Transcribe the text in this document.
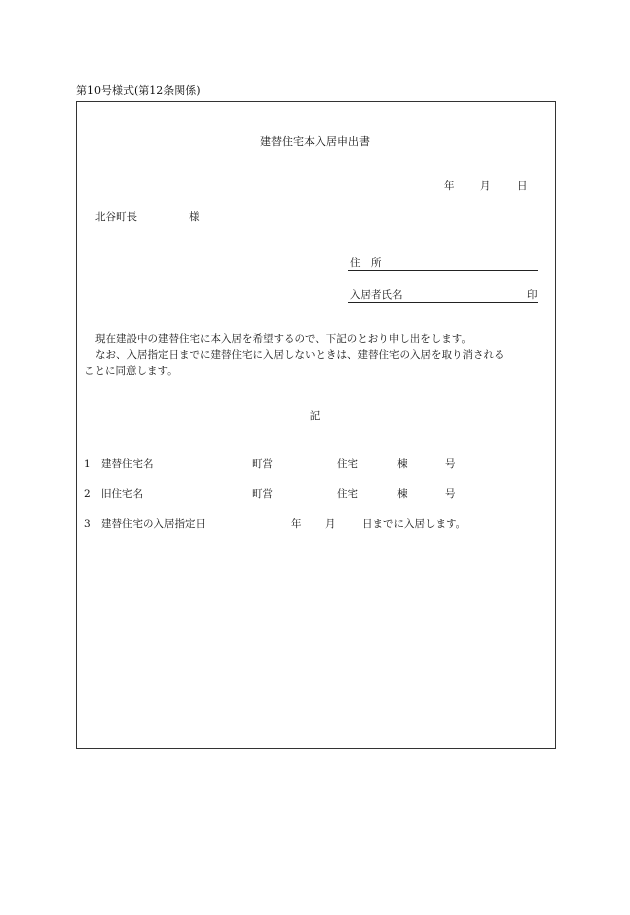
第10号様式(第12条関係)
建替住宅本入居申出書
年 月	日
北谷町長	様
住　所
入居者氏名	印
現在建設中の建替住宅に本入居を希望するので、下記のとおり申し出をします。
なお、入居指定日までに建替住宅に入居しないときは、建替住宅の入居を取り消される
ことに同意します。
記
1 建替住宅名	町営	住宅	棟	号
2 旧住宅名	町営	住宅	棟	号
3 建替住宅の入居指定日	年 月	日までに入居します。
